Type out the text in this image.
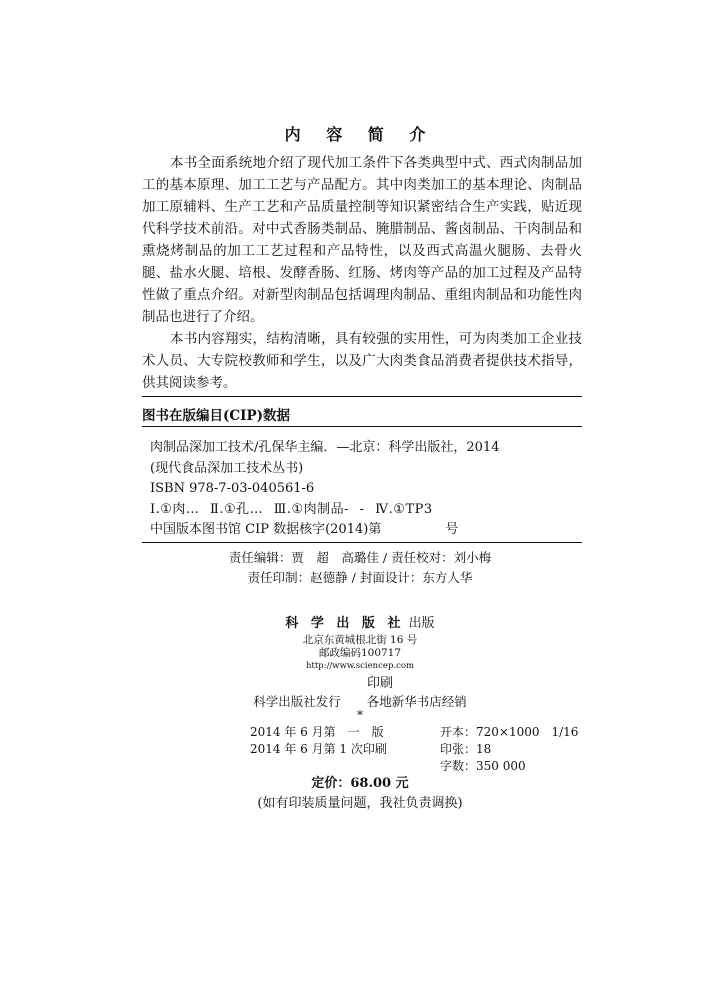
内 容 简 介

本书全面系统地介绍了现代加工条件下各类典型中式、西式肉制品加工的基本原理、加工工艺与产品配方。其中肉类加工的基本理论、肉制品加工原辅料、生产工艺和产品质量控制等知识紧密结合生产实践，贴近现代科学技术前沿。对中式香肠类制品、腌腊制品、酱卤制品、干肉制品和熏烧烤制品的加工工艺过程和产品特性，以及西式高温火腿肠、去骨火腿、盐水火腿、培根、发酵香肠、红肠、烤肉等产品的加工过程及产品特性做了重点介绍。对新型肉制品包括调理肉制品、重组肉制品和功能性肉制品也进行了介绍。

本书内容翔实，结构清晰，具有较强的实用性，可为肉类加工企业技术人员、大专院校教师和学生，以及广大肉类食品消费者提供技术指导，供其阅读参考。

图书在版编目(CIP)数据
肉制品深加工技术/孔保华主编．—北京：科学出版社，2014
(现代食品深加工技术丛书)
ISBN 978-7-03-040561-6
Ⅰ.①肉… Ⅱ.①孔… Ⅲ.①肉制品- - Ⅳ.①TP3
中国版本图书馆 CIP 数据核字(2014)第	号
责任编辑：贾　超　高璐佳 / 责任校对：刘小梅
责任印制：赵德静 / 封面设计：东方人华
科 学 出 版 社 出版
北京东黄城根北街 16 号
邮政编码100717
http://www.sciencep.com
印刷
科学出版社发行 各地新华书店经销
*
2014 年 6 月第　一　版
2014 年 6 月第 1 次印刷
开本：720×1000　1/16
印张：18
字数：350 000
定价：68.00 元
(如有印装质量问题，我社负责调换)
